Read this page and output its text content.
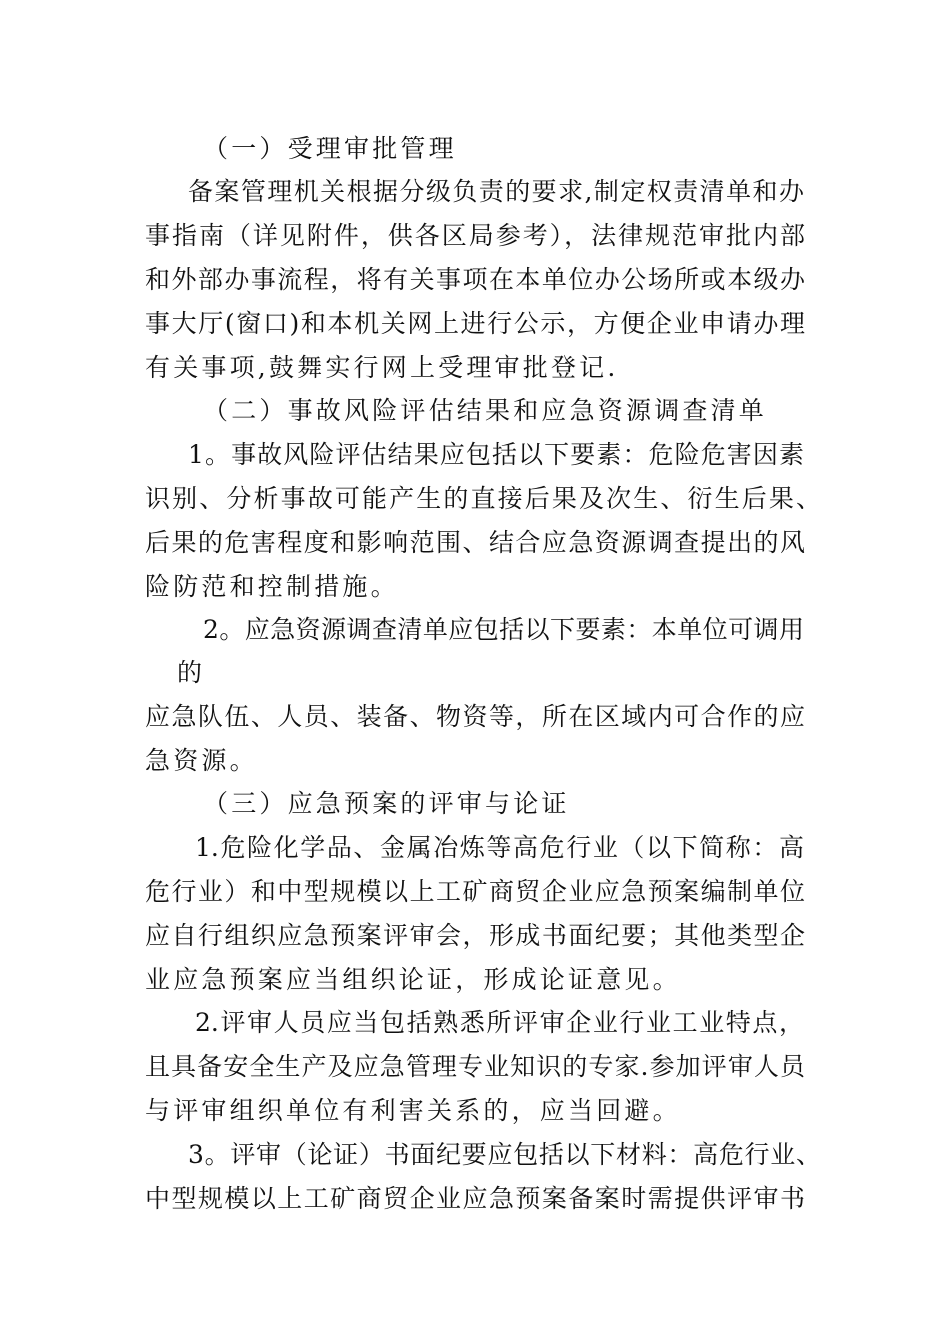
（一）受理审批管理
备案管理机关根据分级负责的要求,制定权责清单和办
事指南（详见附件，供各区局参考），法律规范审批内部
和外部办事流程，将有关事项在本单位办公场所或本级办
事大厅(窗口)和本机关网上进行公示，方便企业申请办理
有关事项,鼓舞实行网上受理审批登记.
（二）事故风险评估结果和应急资源调查清单
1。事故风险评估结果应包括以下要素：危险危害因素
识别、分析事故可能产生的直接后果及次生、衍生后果、
后果的危害程度和影响范围、结合应急资源调查提出的风
险防范和控制措施。
2。应急资源调查清单应包括以下要素：本单位可调用
的
应急队伍、人员、装备、物资等，所在区域内可合作的应
急资源。
（三）应急预案的评审与论证
1.危险化学品、金属冶炼等高危行业（以下简称：高
危行业）和中型规模以上工矿商贸企业应急预案编制单位
应自行组织应急预案评审会，形成书面纪要；其他类型企
业应急预案应当组织论证，形成论证意见。
2.评审人员应当包括熟悉所评审企业行业工业特点，
且具备安全生产及应急管理专业知识的专家.参加评审人员
与评审组织单位有利害关系的，应当回避。
3。评审（论证）书面纪要应包括以下材料：高危行业、
中型规模以上工矿商贸企业应急预案备案时需提供评审书
